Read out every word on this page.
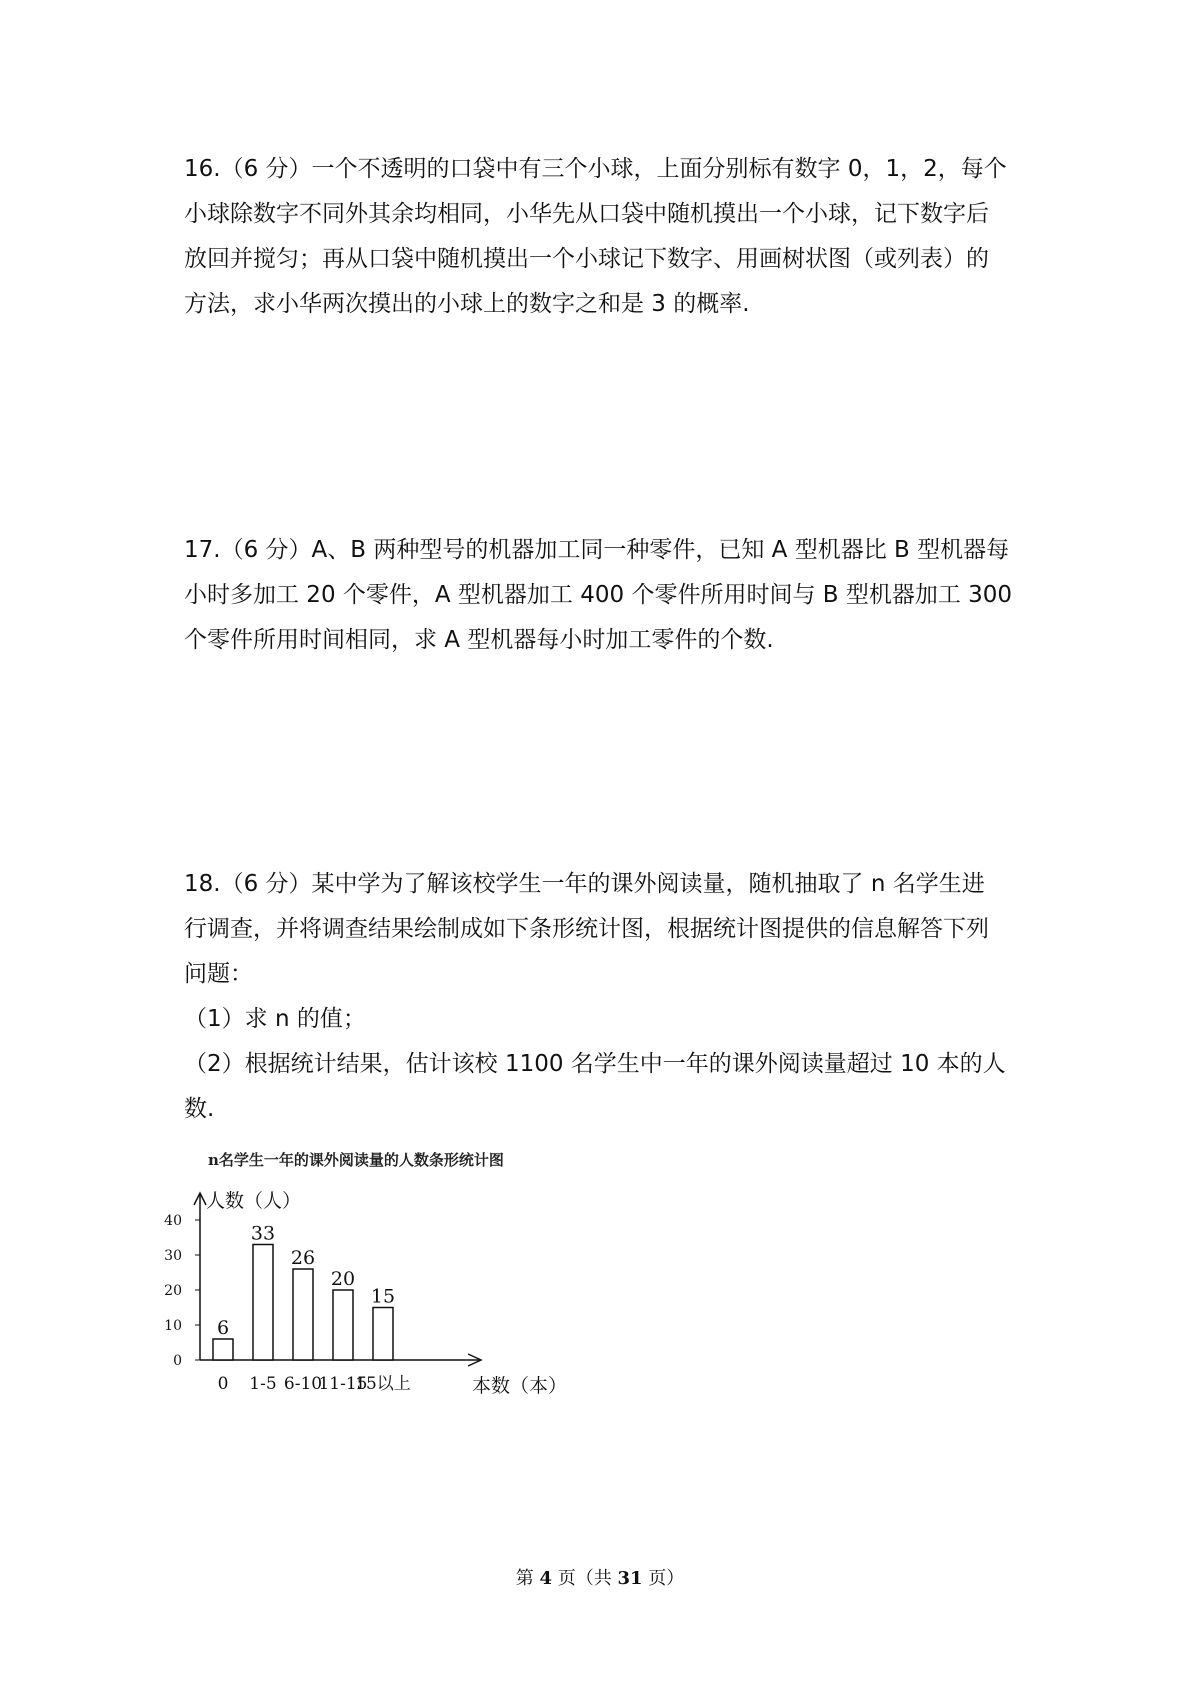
16.（6 分）一个不透明的口袋中有三个小球，上面分别标有数字 0，1，2，每个

小球除数字不同外其余均相同，小华先从口袋中随机摸出一个小球，记下数字后

放回并搅匀；再从口袋中随机摸出一个小球记下数字、用画树状图（或列表）的

方法，求小华两次摸出的小球上的数字之和是 3 的概率.

17.（6 分）A、B 两种型号的机器加工同一种零件，已知 A 型机器比 B 型机器每

小时多加工 20 个零件，A 型机器加工 400 个零件所用时间与 B 型机器加工 300

个零件所用时间相同，求 A 型机器每小时加工零件的个数.

18.（6 分）某中学为了解该校学生一年的课外阅读量，随机抽取了 n 名学生进

行调查，并将调查结果绘制成如下条形统计图，根据统计图提供的信息解答下列

问题：

（1）求 n 的值；

（2）根据统计结果，估计该校 1100 名学生中一年的课外阅读量超过 10 本的人

数.

n名学生一年的课外阅读量的人数条形统计图
人数（人）
本数（本）
0
10
20
30
40
6
33
26
20
15
0 1-5 6-10
11-15
15以上
第 4 页（共 31 页）
